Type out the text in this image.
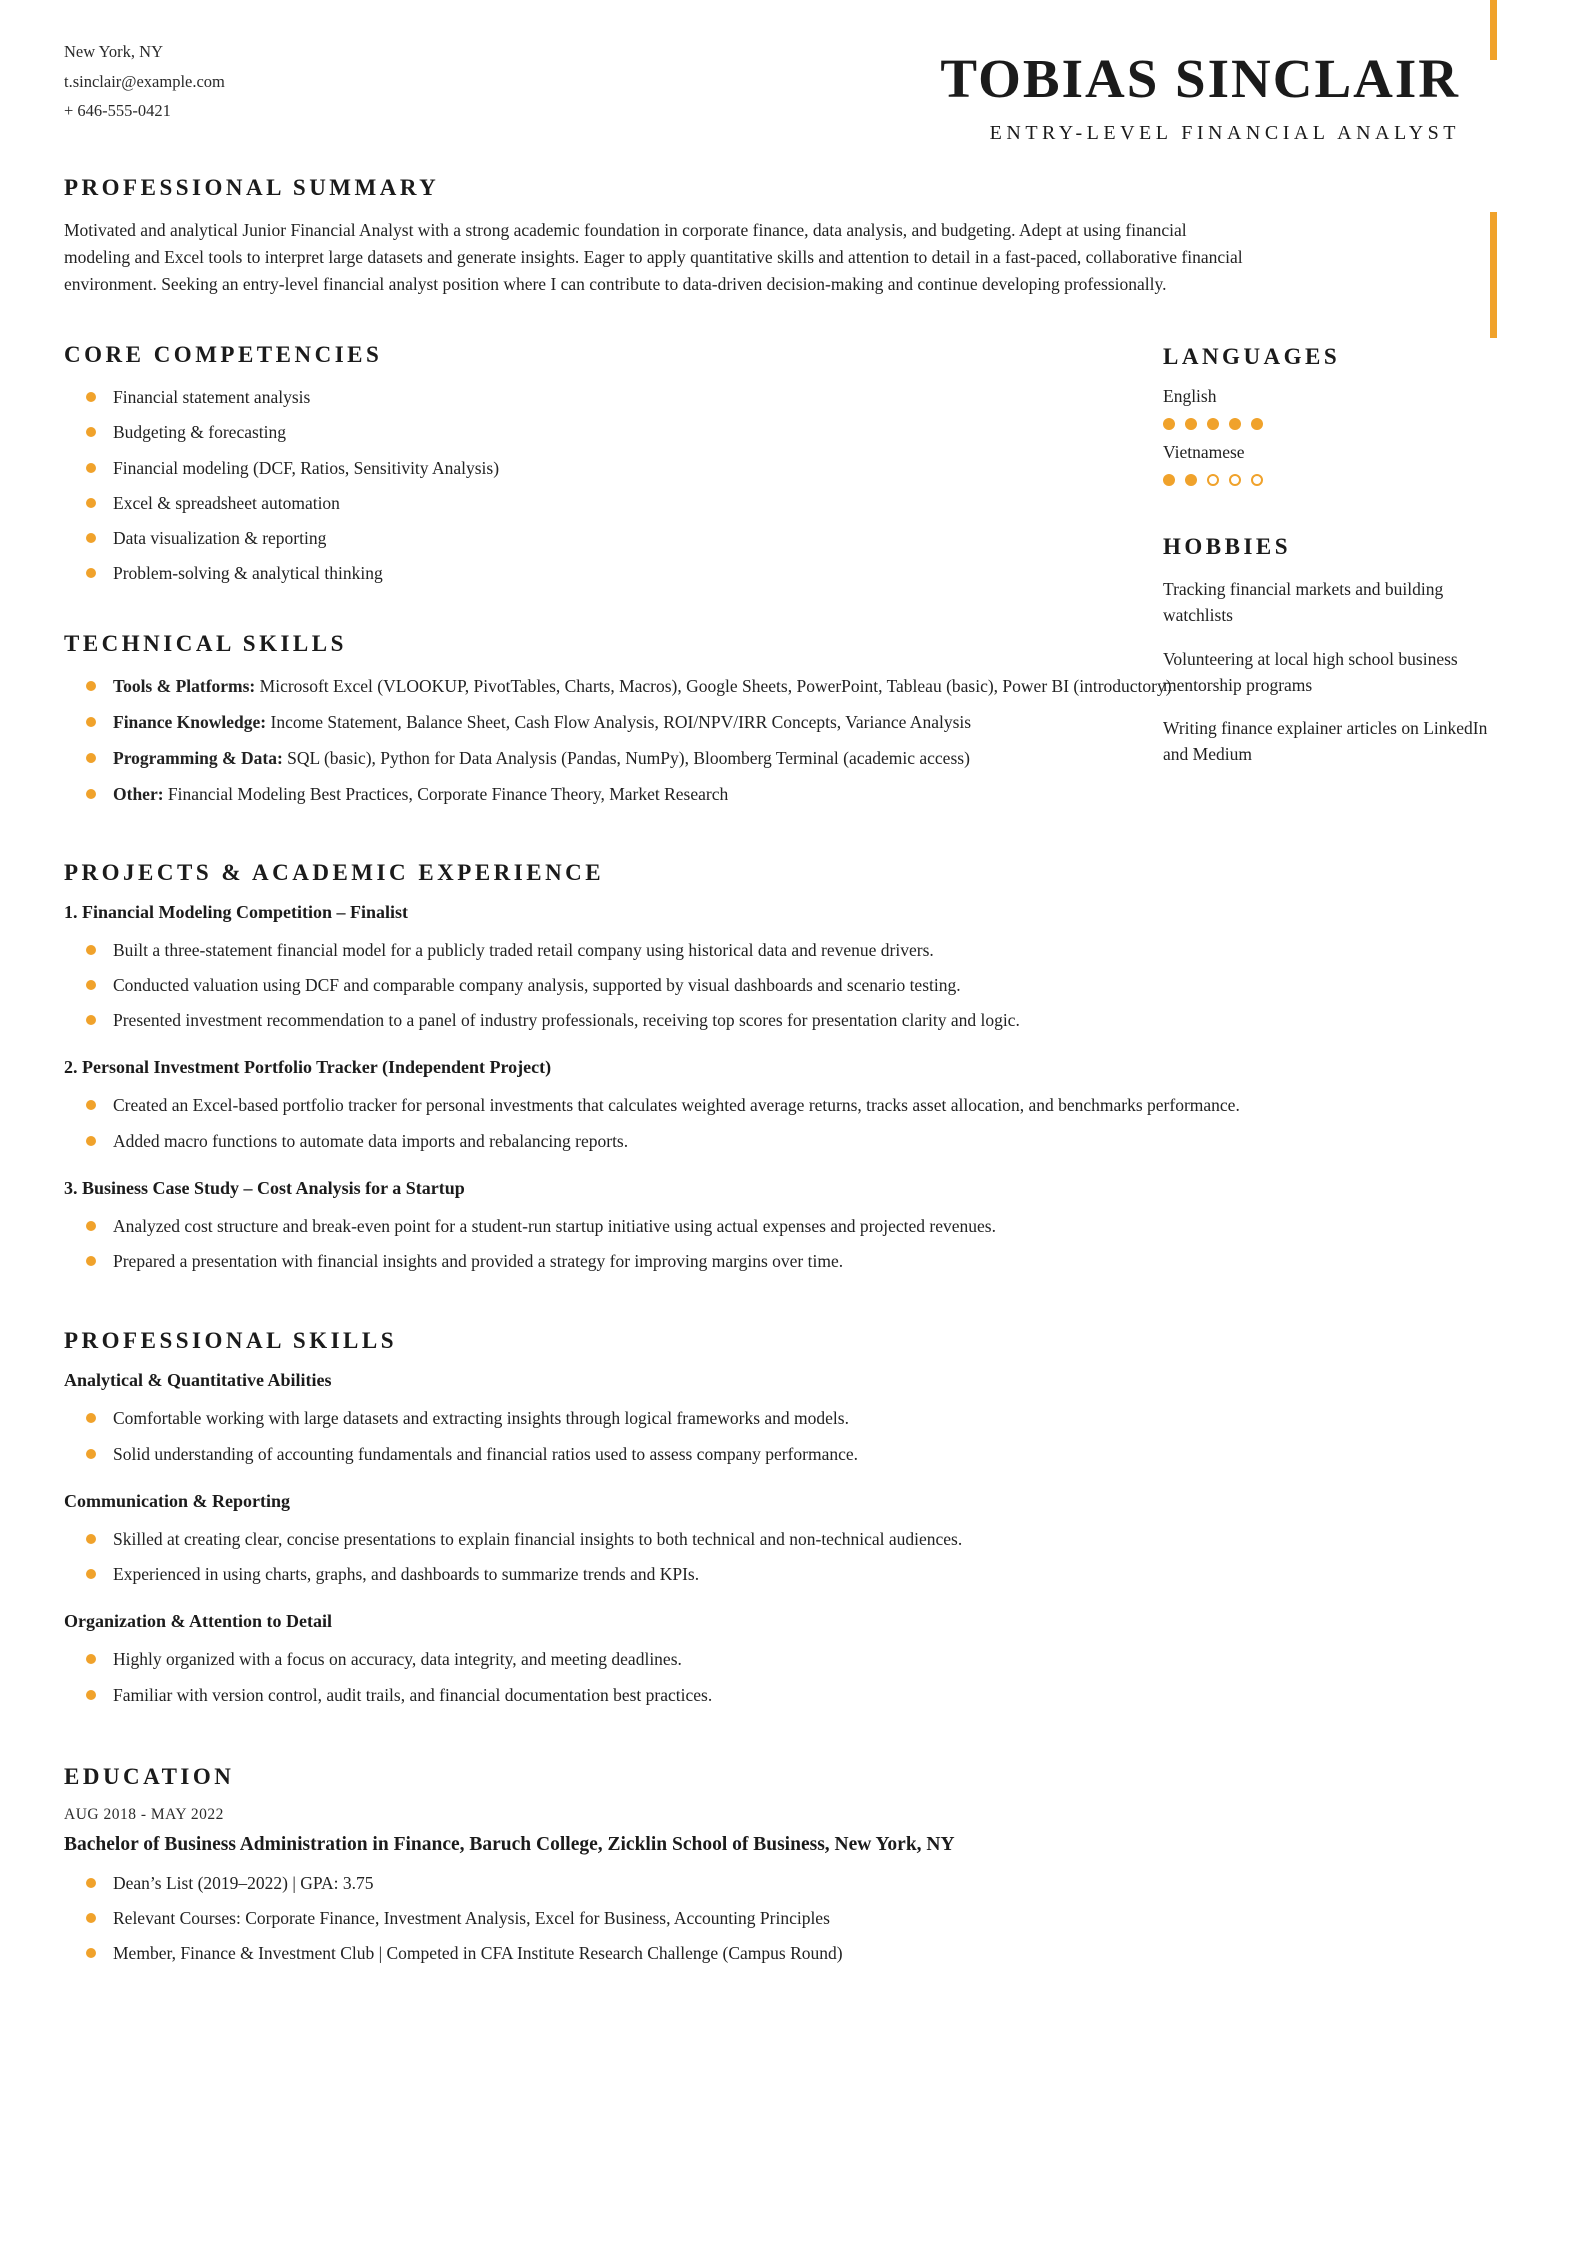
New York, NY

t.sinclair@example.com

+ 646-555-0421

TOBIAS SINCLAIR

ENTRY-LEVEL FINANCIAL ANALYST

PROFESSIONAL SUMMARY

Motivated and analytical Junior Financial Analyst with a strong academic foundation in corporate finance, data analysis, and budgeting. Adept at using financial modeling and Excel tools to interpret large datasets and generate insights. Eager to apply quantitative skills and attention to detail in a fast-paced, collaborative financial environment. Seeking an entry-level financial analyst position where I can contribute to data-driven decision-making and continue developing professionally.

CORE COMPETENCIES
Financial statement analysis
Budgeting & forecasting
Financial modeling (DCF, Ratios, Sensitivity Analysis)
Excel & spreadsheet automation
Data visualization & reporting
Problem-solving & analytical thinking
TECHNICAL SKILLS
Tools & Platforms: Microsoft Excel (VLOOKUP, PivotTables, Charts, Macros), Google Sheets, PowerPoint, Tableau (basic), Power BI (introductory)
Finance Knowledge: Income Statement, Balance Sheet, Cash Flow Analysis, ROI/NPV/IRR Concepts, Variance Analysis
Programming & Data: SQL (basic), Python for Data Analysis (Pandas, NumPy), Bloomberg Terminal (academic access)
Other: Financial Modeling Best Practices, Corporate Finance Theory, Market Research
PROJECTS & ACADEMIC EXPERIENCE

1. Financial Modeling Competition – Finalist

Built a three-statement financial model for a publicly traded retail company using historical data and revenue drivers.
Conducted valuation using DCF and comparable company analysis, supported by visual dashboards and scenario testing.
Presented investment recommendation to a panel of industry professionals, receiving top scores for presentation clarity and logic.

2. Personal Investment Portfolio Tracker (Independent Project)

Created an Excel-based portfolio tracker for personal investments that calculates weighted average returns, tracks asset allocation, and benchmarks performance.
Added macro functions to automate data imports and rebalancing reports.

3. Business Case Study – Cost Analysis for a Startup

Analyzed cost structure and break-even point for a student-run startup initiative using actual expenses and projected revenues.
Prepared a presentation with financial insights and provided a strategy for improving margins over time.
PROFESSIONAL SKILLS

Analytical & Quantitative Abilities

Comfortable working with large datasets and extracting insights through logical frameworks and models.
Solid understanding of accounting fundamentals and financial ratios used to assess company performance.

Communication & Reporting

Skilled at creating clear, concise presentations to explain financial insights to both technical and non-technical audiences.
Experienced in using charts, graphs, and dashboards to summarize trends and KPIs.

Organization & Attention to Detail

Highly organized with a focus on accuracy, data integrity, and meeting deadlines.
Familiar with version control, audit trails, and financial documentation best practices.
EDUCATION

AUG 2018 - MAY 2022

Bachelor of Business Administration in Finance, Baruch College, Zicklin School of Business, New York, NY

Dean’s List (2019–2022) | GPA: 3.75
Relevant Courses: Corporate Finance, Investment Analysis, Excel for Business, Accounting Principles
Member, Finance & Investment Club | Competed in CFA Institute Research Challenge (Campus Round)
LANGUAGES

English

Vietnamese

HOBBIES

Tracking financial markets and building watchlists

Volunteering at local high school business mentorship programs

Writing finance explainer articles on LinkedIn and Medium
